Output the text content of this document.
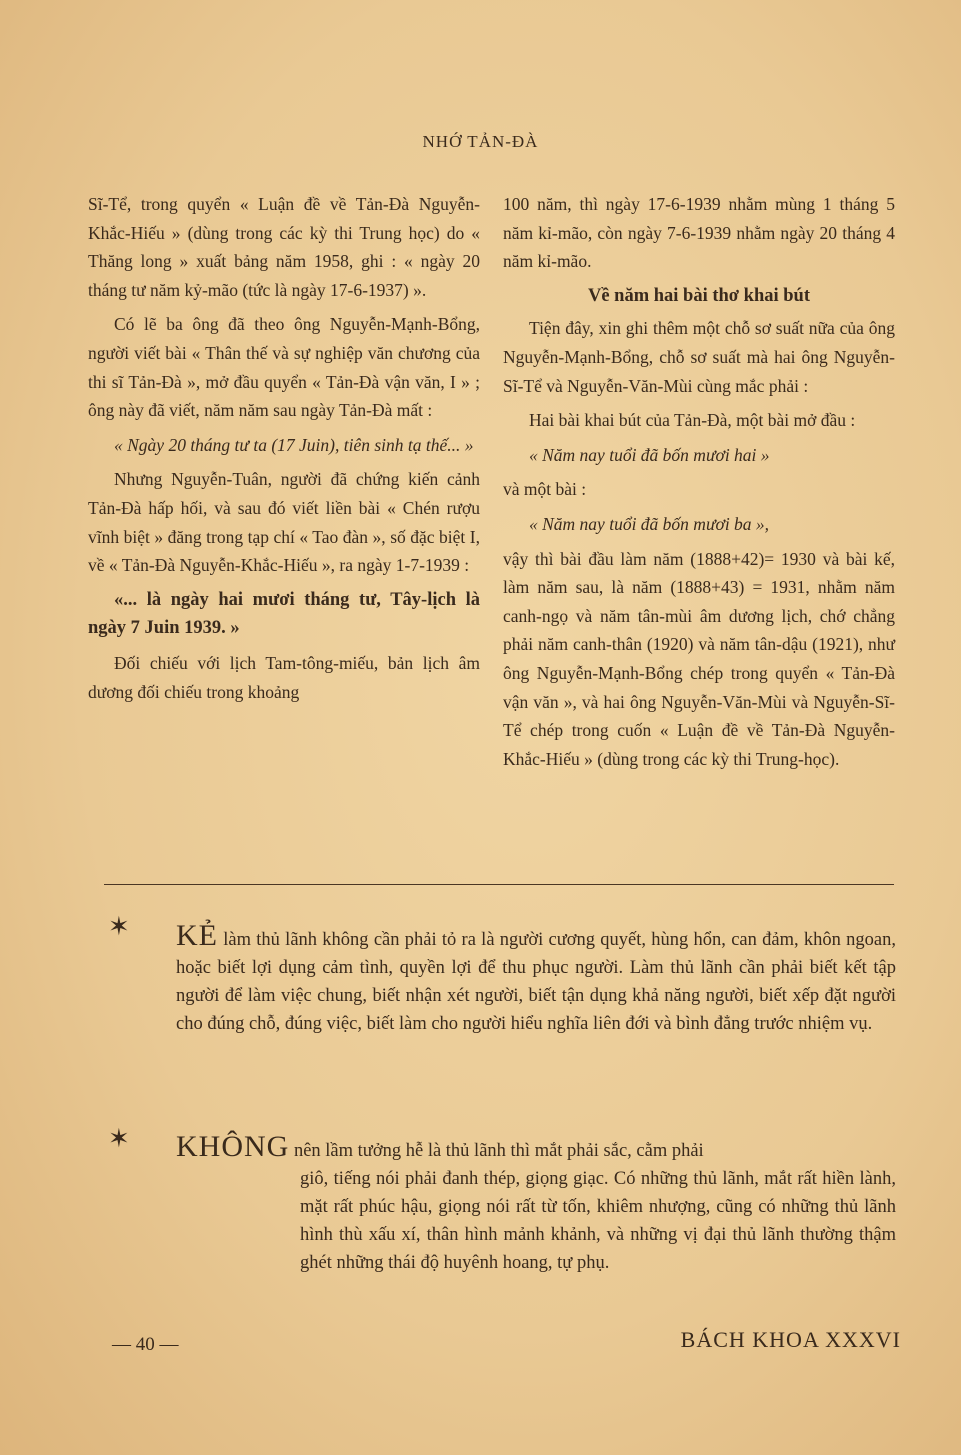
NHỚ TẢN-ĐÀ

Sĩ-Tể, trong quyển « Luận đề về Tản-Đà Nguyễn-Khắc-Hiếu » (dùng trong các kỳ thi Trung học) do « Thăng long » xuất bảng năm 1958, ghi : « ngày 20 tháng tư năm kỷ-mão (tức là ngày 17-6-1937) ».

Có lẽ ba ông đã theo ông Nguyễn-Mạnh-Bổng, người viết bài « Thân thế và sự nghiệp văn chương của thi sĩ Tản-Đà », mở đầu quyển « Tản-Đà vận văn, I » ; ông này đã viết, năm năm sau ngày Tản-Đà mất :

« Ngày 20 tháng tư ta (17 Juin), tiên sinh tạ thế... »

Nhưng Nguyễn-Tuân, người đã chứng kiến cảnh Tản-Đà hấp hối, và sau đó viết liền bài « Chén rượu vĩnh biệt » đăng trong tạp chí « Tao đàn », số đặc biệt I, về « Tản-Đà Nguyễn-Khắc-Hiếu », ra ngày 1-7-1939 :

«... là ngày hai mươi tháng tư, Tây-lịch là ngày 7 Juin 1939. »

Đối chiếu với lịch Tam-tông-miếu, bản lịch âm dương đối chiếu trong khoảng

100 năm, thì ngày 17-6-1939 nhằm mùng 1 tháng 5 năm kỉ-mão, còn ngày 7-6-1939 nhằm ngày 20 tháng 4 năm kỉ-mão.

Về năm hai bài thơ khai bút

Tiện đây, xin ghi thêm một chỗ sơ suất nữa của ông Nguyễn-Mạnh-Bổng, chỗ sơ suất mà hai ông Nguyễn-Sĩ-Tể và Nguyễn-Văn-Mùi cùng mắc phải :

Hai bài khai bút của Tản-Đà, một bài mở đầu :

« Năm nay tuổi đã bốn mươi hai »

và một bài :

« Năm nay tuổi đã bốn mươi ba »,

vậy thì bài đầu làm năm (1888+42)= 1930 và bài kế, làm năm sau, là năm (1888+43) = 1931, nhằm năm canh-ngọ và năm tân-mùi âm dương lịch, chớ chẳng phải năm canh-thân (1920) và năm tân-dậu (1921), như ông Nguyễn-Mạnh-Bổng chép trong quyển « Tản-Đà vận văn », và hai ông Nguyễn-Văn-Mùi và Nguyễn-Sĩ-Tể chép trong cuốn « Luận đề về Tản-Đà Nguyễn-Khắc-Hiếu » (dùng trong các kỳ thi Trung-học).

✶ KẺ làm thủ lãnh không cần phải tỏ ra là người cương quyết, hùng hổn, can đảm, khôn ngoan, hoặc biết lợi dụng cảm tình, quyền lợi để thu phục người. Làm thủ lãnh cần phải biết kết tập người để làm việc chung, biết nhận xét người, biết tận dụng khả năng người, biết xếp đặt người cho đúng chỗ, đúng việc, biết làm cho người hiểu nghĩa liên đới và bình đẳng trước nhiệm vụ.
✶ KHÔNG nên lầm tưởng hễ là thủ lãnh thì mắt phải sắc, cằm phải
giô, tiếng nói phải đanh thép, giọng giạc. Có những thủ lãnh, mắt rất hiền lành, mặt rất phúc hậu, giọng nói rất từ tốn, khiêm nhượng, cũng có những thủ lãnh hình thù xấu xí, thân hình mảnh khảnh, và những vị đại thủ lãnh thường thậm ghét những thái độ huyênh hoang, tự phụ.
— 40 —	BÁCH KHOA XXXVI
